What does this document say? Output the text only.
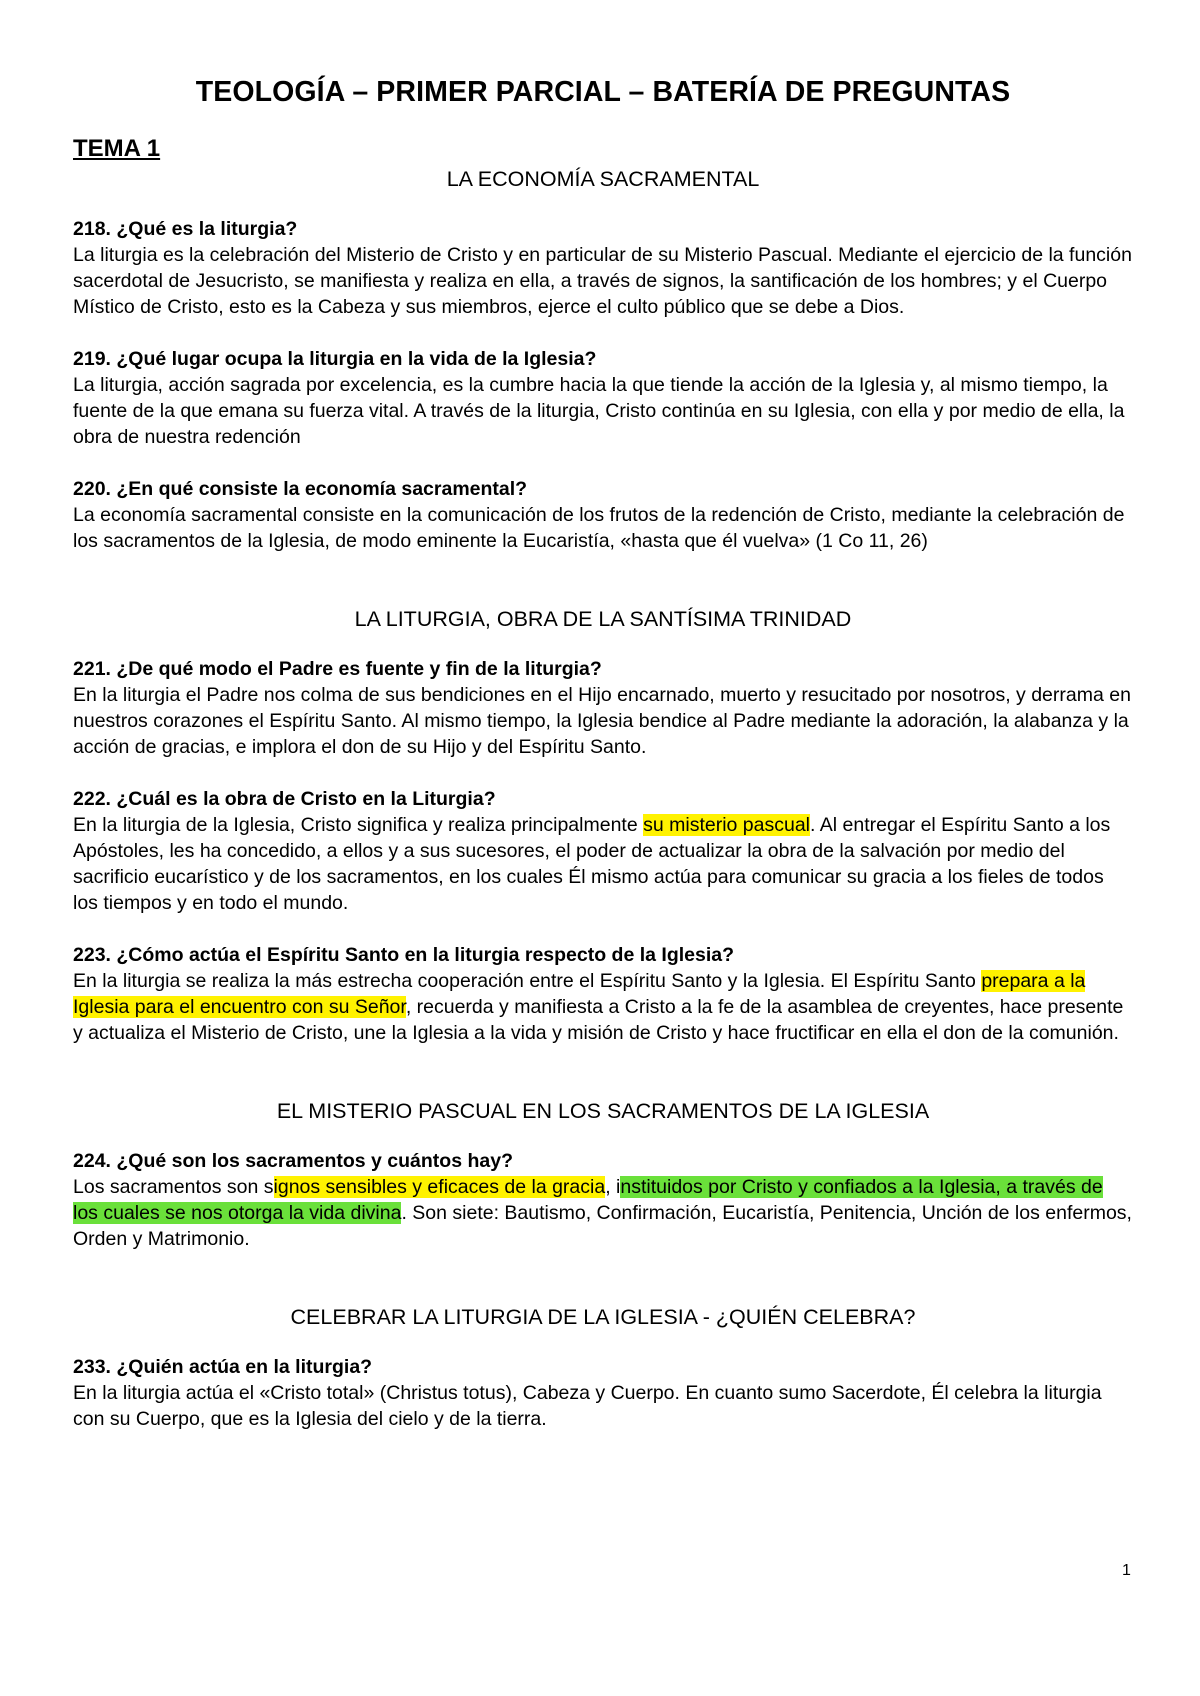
TEOLOGÍA – PRIMER PARCIAL – BATERÍA DE PREGUNTAS
TEMA 1
LA ECONOMÍA SACRAMENTAL

218. ¿Qué es la liturgia?

La liturgia es la celebración del Misterio de Cristo y en particular de su Misterio Pascual. Mediante el ejercicio de la función sacerdotal de Jesucristo, se manifiesta y realiza en ella, a través de signos, la santificación de los hombres; y el Cuerpo Místico de Cristo, esto es la Cabeza y sus miembros, ejerce el culto público que se debe a Dios.

219. ¿Qué lugar ocupa la liturgia en la vida de la Iglesia?

La liturgia, acción sagrada por excelencia, es la cumbre hacia la que tiende la acción de la Iglesia y, al mismo tiempo, la fuente de la que emana su fuerza vital. A través de la liturgia, Cristo continúa en su Iglesia, con ella y por medio de ella, la obra de nuestra redención

220. ¿En qué consiste la economía sacramental?

La economía sacramental consiste en la comunicación de los frutos de la redención de Cristo, mediante la celebración de los sacramentos de la Iglesia, de modo eminente la Eucaristía, «hasta que él vuelva» (1 Co 11, 26)

LA LITURGIA, OBRA DE LA SANTÍSIMA TRINIDAD

221. ¿De qué modo el Padre es fuente y fin de la liturgia?

En la liturgia el Padre nos colma de sus bendiciones en el Hijo encarnado, muerto y resucitado por nosotros, y derrama en nuestros corazones el Espíritu Santo. Al mismo tiempo, la Iglesia bendice al Padre mediante la adoración, la alabanza y la acción de gracias, e implora el don de su Hijo y del Espíritu Santo.

222. ¿Cuál es la obra de Cristo en la Liturgia?

En la liturgia de la Iglesia, Cristo significa y realiza principalmente su misterio pascual. Al entregar el Espíritu Santo a los Apóstoles, les ha concedido, a ellos y a sus sucesores, el poder de actualizar la obra de la salvación por medio del sacrificio eucarístico y de los sacramentos, en los cuales Él mismo actúa para comunicar su gracia a los fieles de todos los tiempos y en todo el mundo.

223. ¿Cómo actúa el Espíritu Santo en la liturgia respecto de la Iglesia?

En la liturgia se realiza la más estrecha cooperación entre el Espíritu Santo y la Iglesia. El Espíritu Santo prepara a la Iglesia para el encuentro con su Señor, recuerda y manifiesta a Cristo a la fe de la asamblea de creyentes, hace presente y actualiza el Misterio de Cristo, une la Iglesia a la vida y misión de Cristo y hace fructificar en ella el don de la comunión.

EL MISTERIO PASCUAL EN LOS SACRAMENTOS DE LA IGLESIA

224. ¿Qué son los sacramentos y cuántos hay?

Los sacramentos son signos sensibles y eficaces de la gracia, instituidos por Cristo y confiados a la Iglesia, a través de los cuales se nos otorga la vida divina. Son siete: Bautismo, Confirmación, Eucaristía, Penitencia, Unción de los enfermos, Orden y Matrimonio.

CELEBRAR LA LITURGIA DE LA IGLESIA - ¿QUIÉN CELEBRA?

233. ¿Quién actúa en la liturgia?

En la liturgia actúa el «Cristo total» (Christus totus), Cabeza y Cuerpo. En cuanto sumo Sacerdote, Él celebra la liturgia con su Cuerpo, que es la Iglesia del cielo y de la tierra.

1
